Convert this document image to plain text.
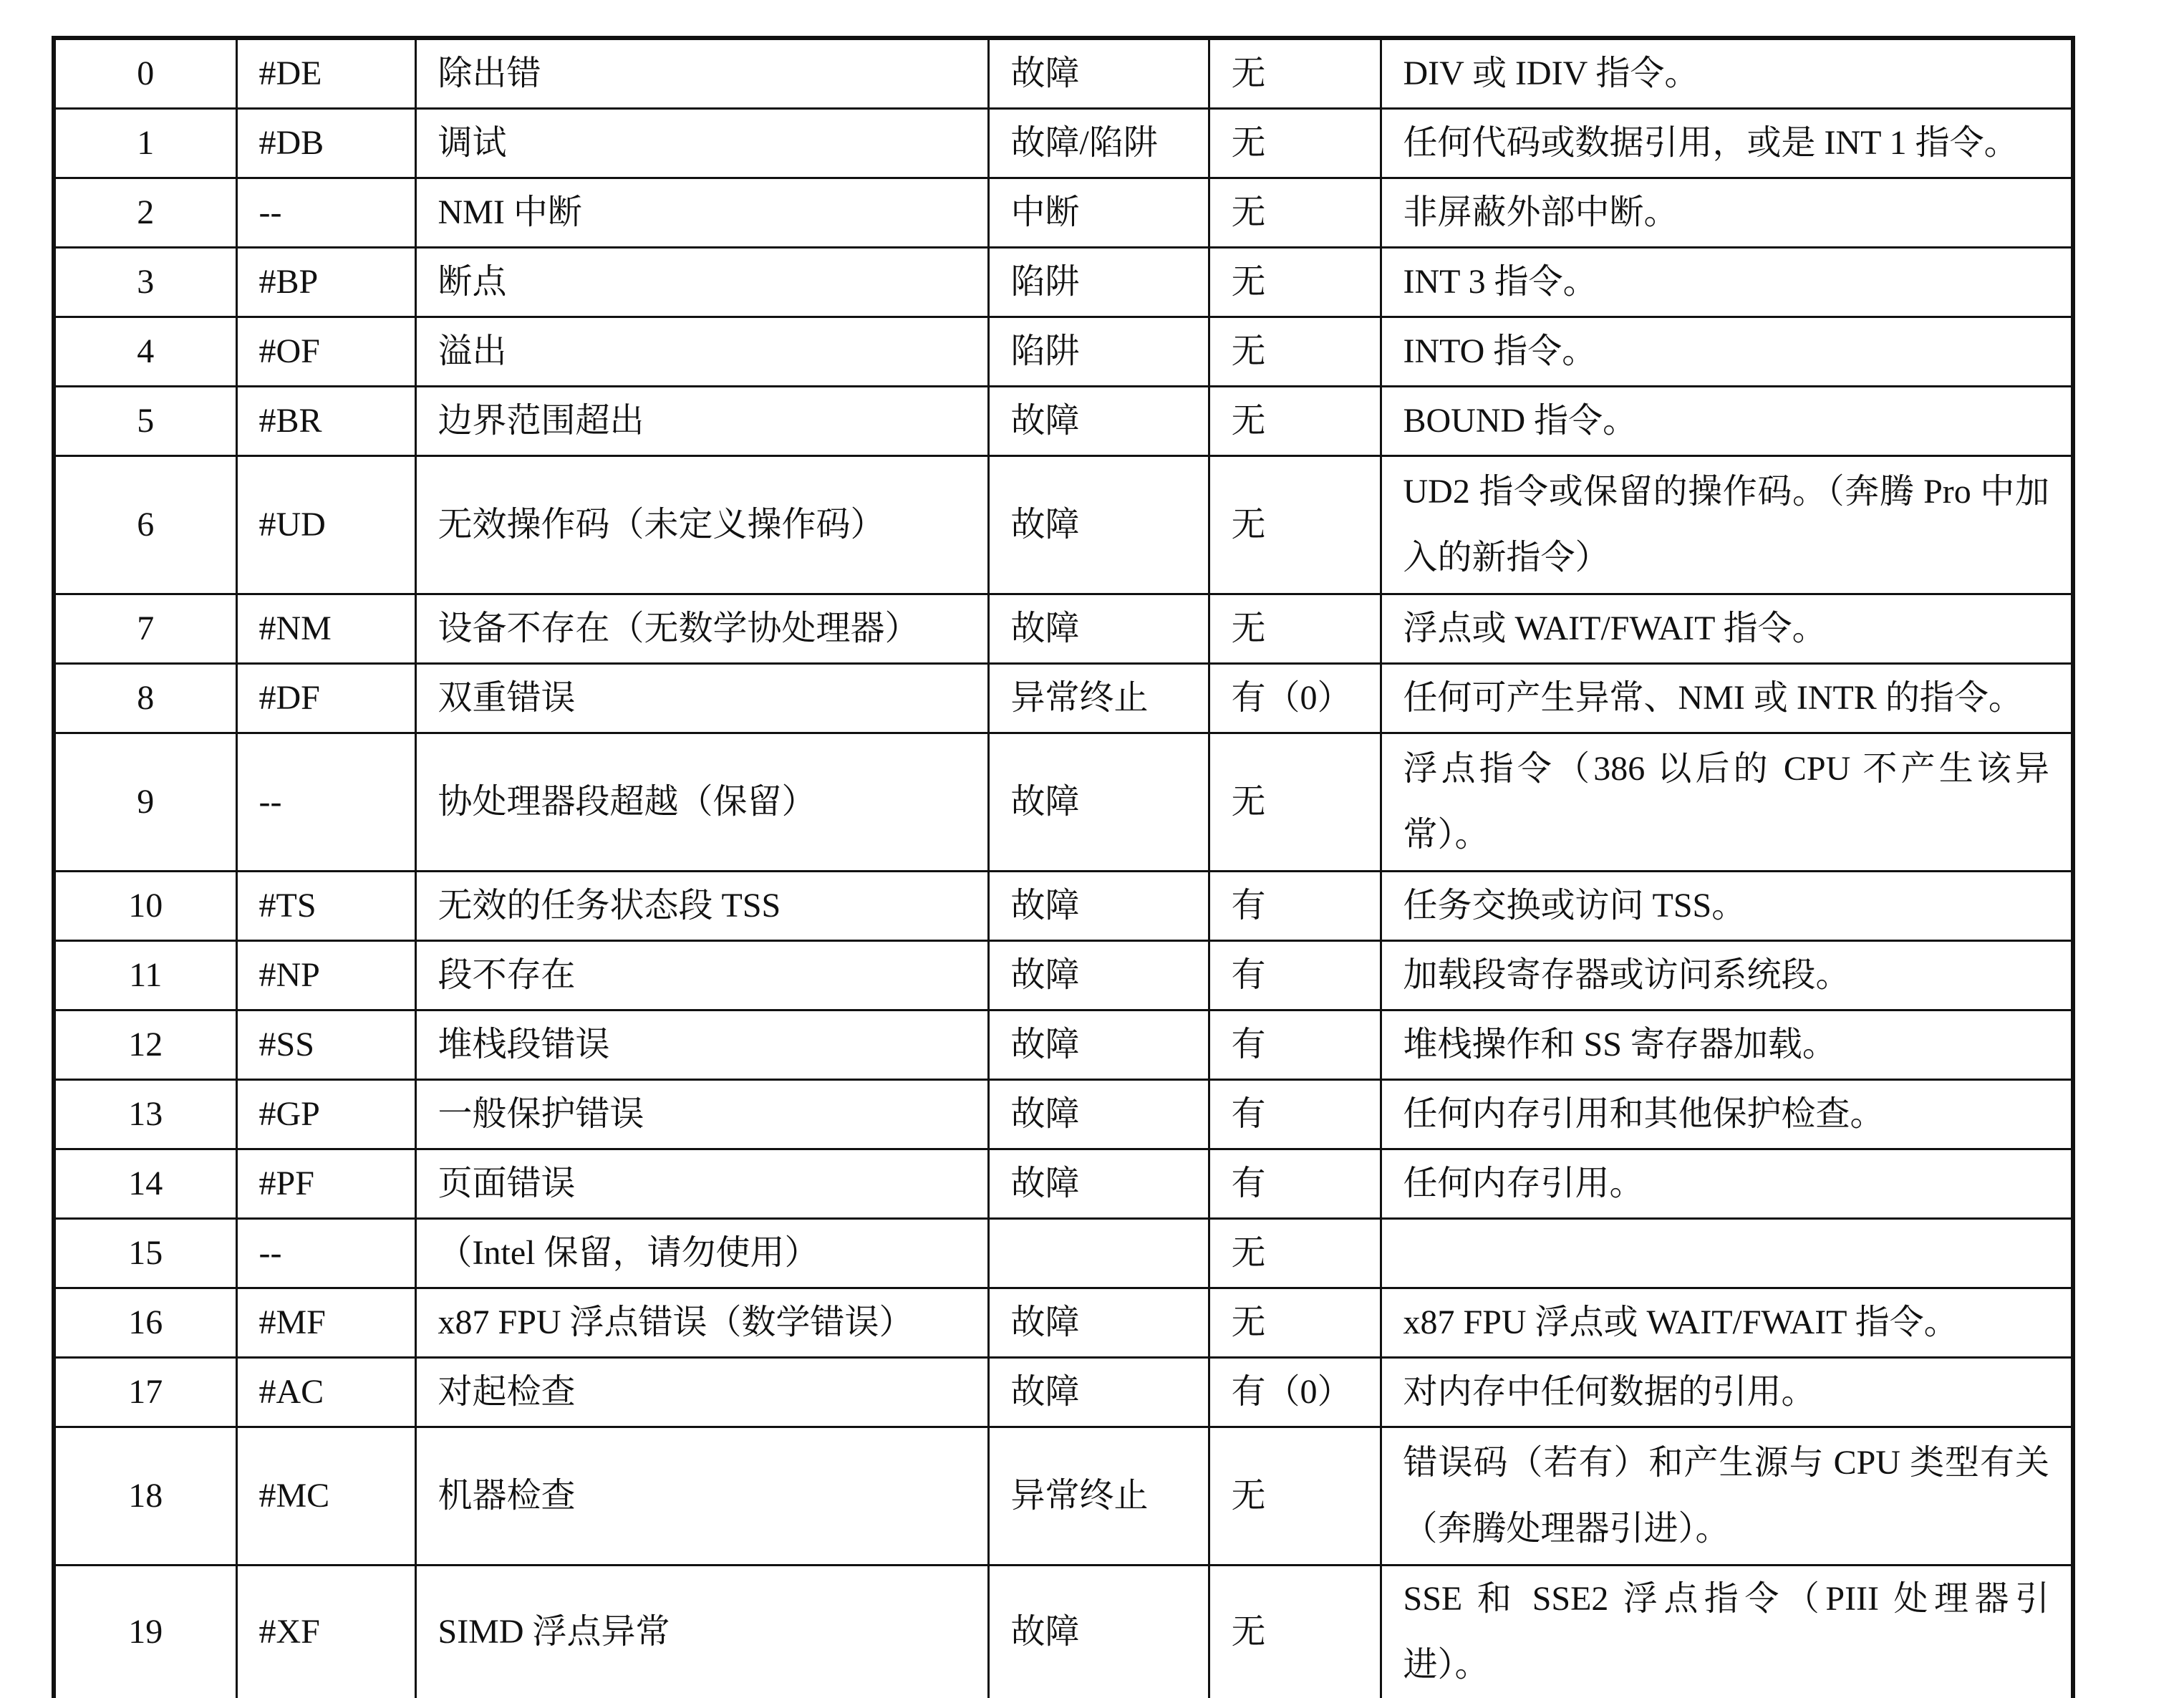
0	#DE	除出错	故障	无	DIV 或 IDIV 指令。
1	#DB	调试	故障/陷阱	无	任何代码或数据引用，或是 INT 1 指令。
2	--	NMI 中断	中断	无	非屏蔽外部中断。
3	#BP	断点	陷阱	无	INT 3 指令。
4	#OF	溢出	陷阱	无	INTO 指令。
5	#BR	边界范围超出	故障	无	BOUND 指令。
6	#UD	无效操作码（未定义操作码）	故障	无	UD2 指令或保留的操作码。（奔腾 Pro 中加入的新指令）
7	#NM	设备不存在（无数学协处理器）	故障	无	浮点或 WAIT/FWAIT 指令。
8	#DF	双重错误	异常终止	有（0）	任何可产生异常、NMI 或 INTR 的指令。
9	--	协处理器段超越（保留）	故障	无	浮点指令（386 以后的 CPU 不产生该异常）。
10	#TS	无效的任务状态段 TSS	故障	有	任务交换或访问 TSS。
11	#NP	段不存在	故障	有	加载段寄存器或访问系统段。
12	#SS	堆栈段错误	故障	有	堆栈操作和 SS 寄存器加载。
13	#GP	一般保护错误	故障	有	任何内存引用和其他保护检查。
14	#PF	页面错误	故障	有	任何内存引用。
15	--	（Intel 保留，请勿使用）		无	
16	#MF	x87 FPU 浮点错误（数学错误）	故障	无	x87 FPU 浮点或 WAIT/FWAIT 指令。
17	#AC	对起检查	故障	有（0）	对内存中任何数据的引用。
18	#MC	机器检查	异常终止	无	错误码（若有）和产生源与 CPU 类型有关（奔腾处理器引进）。
19	#XF	SIMD 浮点异常	故障	无	SSE 和 SSE2 浮点指令（PIII 处理器引进）。
